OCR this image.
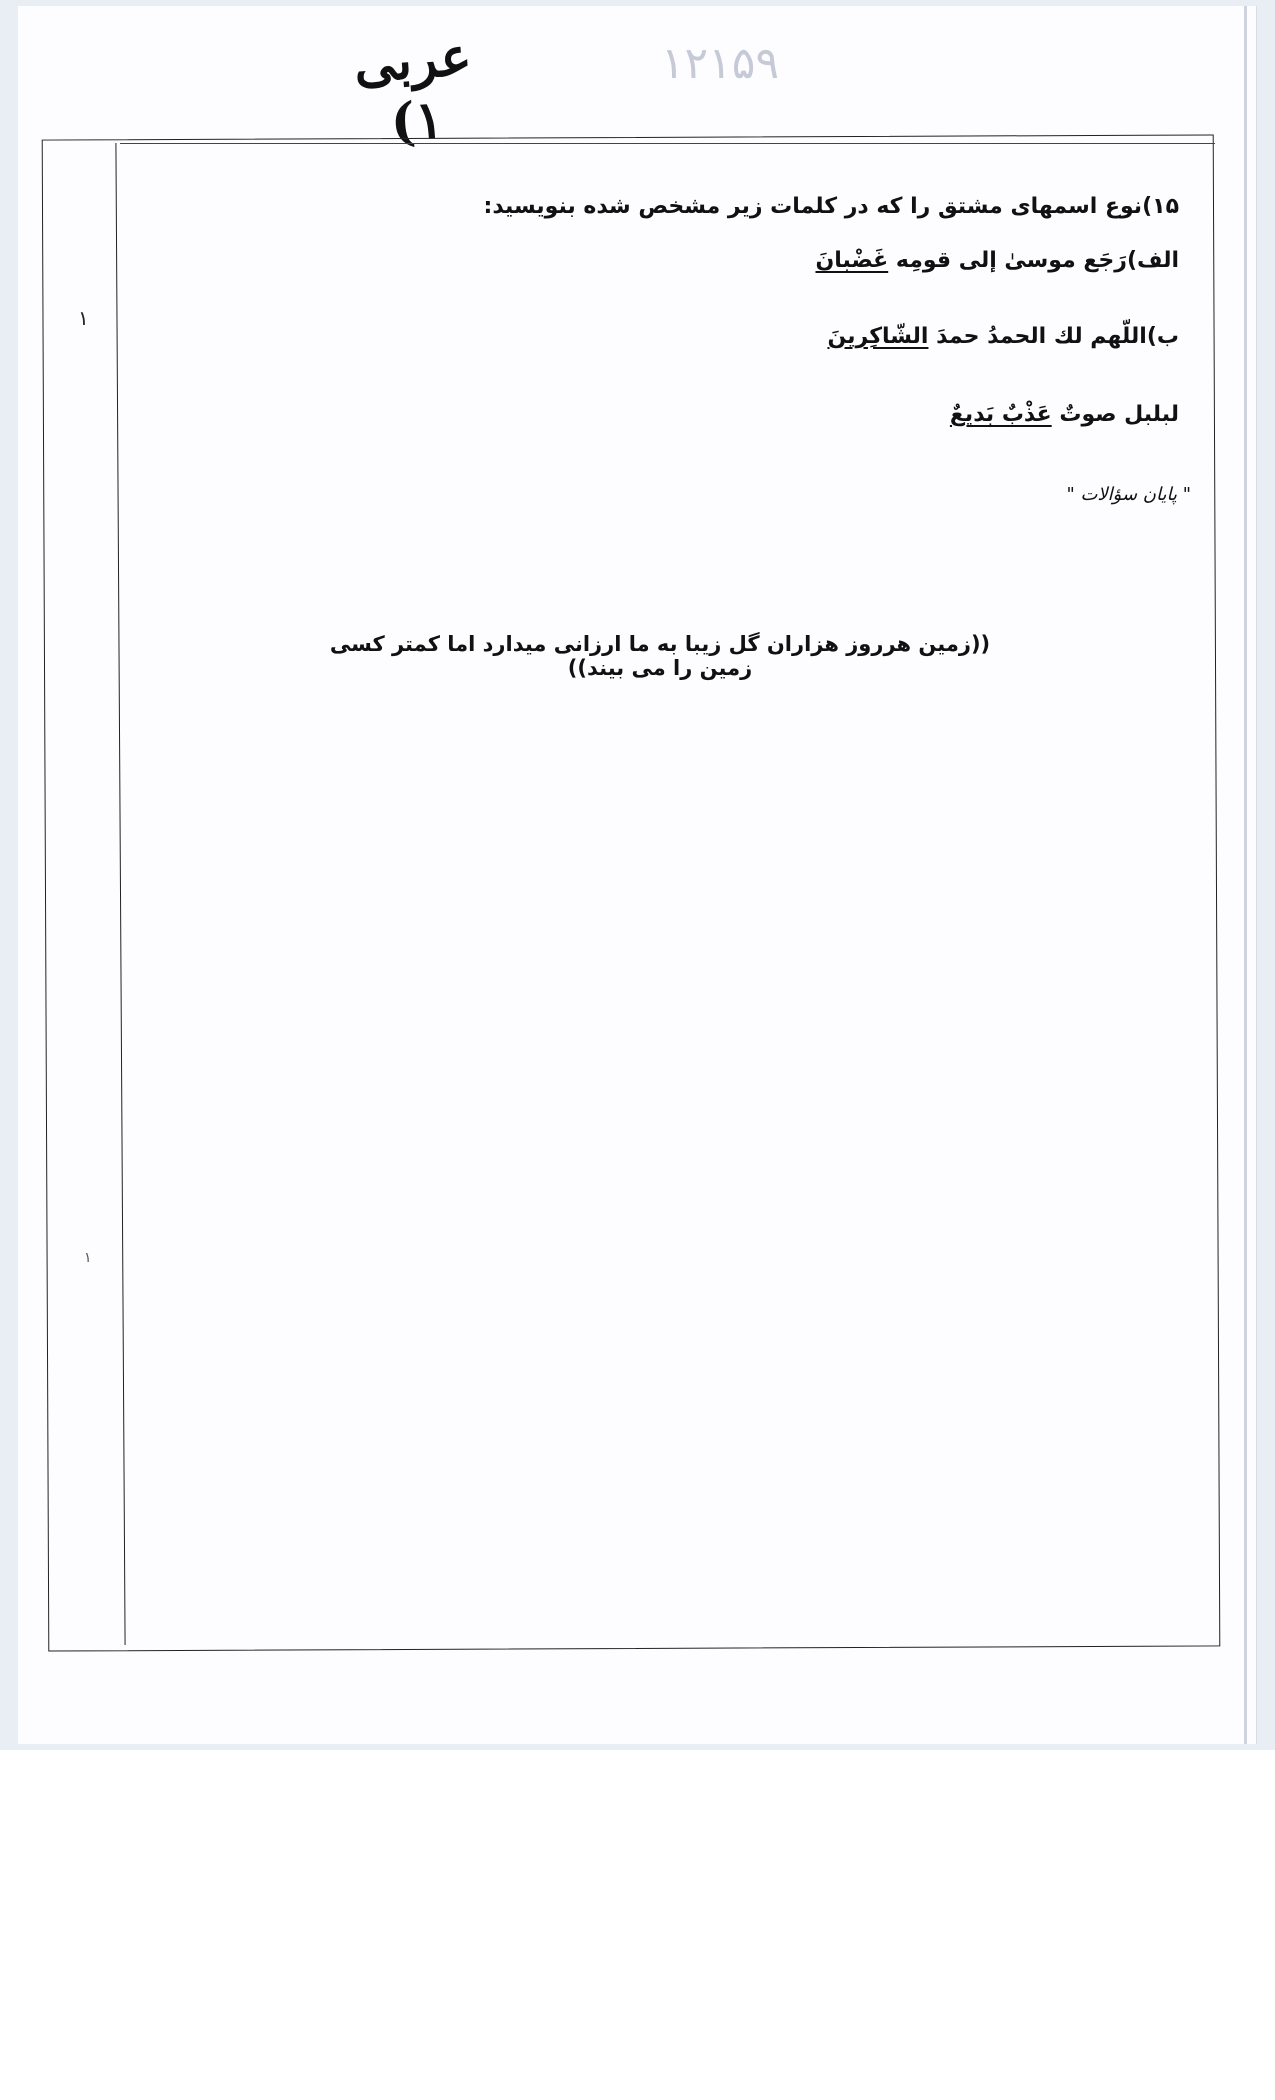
عربی ۱)
۱۲۱۵۹
۱
۱
۱۵)نوع اسمهای مشتق را که در کلمات زیر مشخص شده بنویسید:
الف)رَجَع موسىٰ إلى قومِه غَضْبانَ
ب)اللّهم لك الحمدُ حمدَ الشّاكِرينَ
لبلبل صوتٌ عَذْبٌ بَديعٌ
" پایان سؤالات "
((زمین هرروز هزاران گل زیبا به ما ارزانی میدارد اما کمتر کسی زمین را می بیند))
